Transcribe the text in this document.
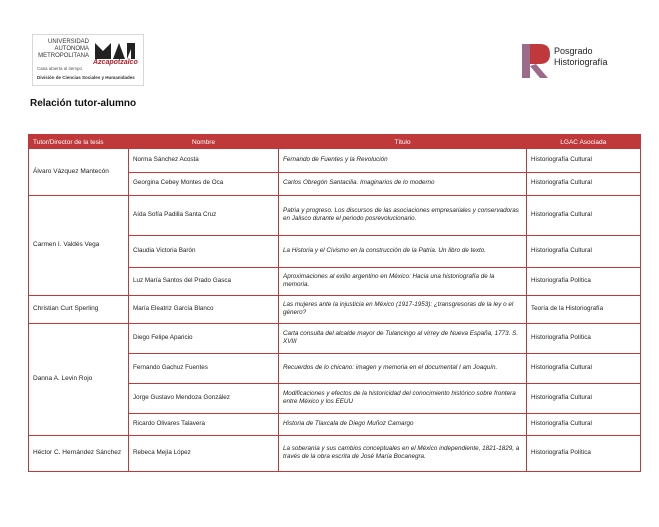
UNIVERSIDAD
AUTONOMA
METROPOLITANA
Azcapotzalco
Casa abierta al tiempo
División de Ciencias Sociales y Humanidades
Posgrado
Historiografía
Relación tutor-alumno
Tutor/Director de la tesis	Nombre	Título	LGAC Asociada
Álvaro Vázquez Mantecón	Norma Sánchez Acosta	Fernando de Fuentes y la Revolución	Historiografía Cultural
	Georgina Cebey Montes de Oca	Carlos Obregón Santacilia. Imaginarios de lo moderno	Historiografía Cultural
Carmen I. Valdés Vega	Aída Sofía Padilla Santa Cruz	Patria y progreso. Los discursos de las asociaciones empresariales y conservadoras en Jalisco durante el periodo posrevolucionario.	Historiografía Cultural
	Claudia Victoria Barón	La Historia y el Civismo en la construcción de la Patria. Un libro de texto.	Historiografía Cultural
	Luz María Santos del Prado Gasca	Aproximaciones al exilio argentino en México: Hacia una historiografía de la memoria.	Historiografía Política
Christian Curt Sperling	María Eleatriz García Blanco	Las mujeres ante la injusticia en México (1917-1953): ¿transgresoras de la ley o el género?	Teoría de la Historiografía
Danna A. Levin Rojo	Diego Felipe Aparicio	Carta consulta del alcalde mayor de Tulancingo al virrey de Nueva España, 1773. S. XVIII	Historiografía Política
	Fernando Gachuz Fuentes	Recuerdos de lo chicano: imagen y memoria en el documental I am Joaquín.	Historiografía Cultural
	Jorge Gustavo Mendoza González	Modificaciones y efectos de la historicidad del conocimiento histórico sobre frontera entre México y los EEUU	Historiografía Cultural
	Ricardo Olivares Talavera	Historia de Tlaxcala de Diego Muñoz Camargo	Historiografía Cultural
Héctor C. Hernández Sánchez	Rebeca Mejía López	La soberanía y sus cambios conceptuales en el México independiente, 1821-1829, a través de la obra escrita de José María Bocanegra.	Historiografía Política
